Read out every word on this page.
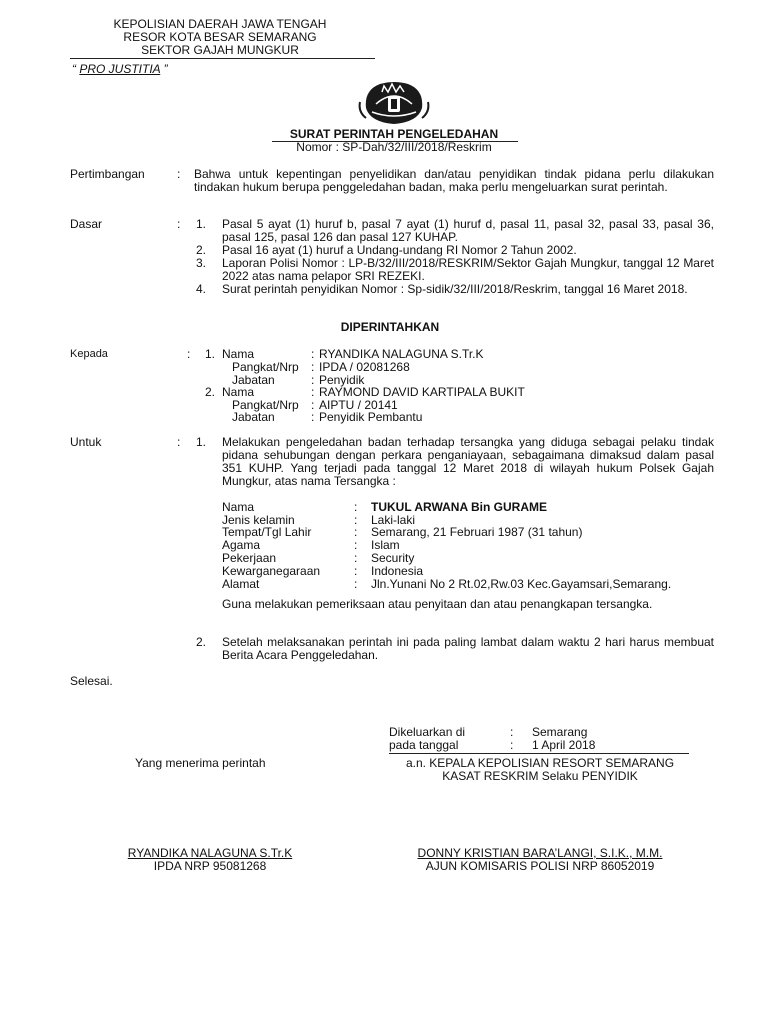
KEPOLISIAN DAERAH JAWA TENGAH
RESOR KOTA BESAR SEMARANG
SEKTOR GAJAH MUNGKUR
“ PRO JUSTITIA ”
SURAT PERINTAH PENGELEDAHAN
Nomor : SP-Dah/32/III/2018/Reskrim
Pertimbangan	: Bahwa untuk kepentingan penyelidikan dan/atau penyidikan tindak pidana perlu dilakukan tindakan hukum berupa penggeledahan badan, maka perlu mengeluarkan surat perintah.
Dasar	: 1. Pasal 5 ayat (1) huruf b, pasal 7 ayat (1) huruf d, pasal 11, pasal 32, pasal 33, pasal 36, pasal 125, pasal 126 dan pasal 127 KUHAP.
2. Pasal 16 ayat (1) huruf a Undang-undang RI Nomor 2 Tahun 2002.
3. Laporan Polisi Nomor : LP-B/32/III/2018/RESKRIM/Sektor Gajah Mungkur, tanggal 12 Maret 2022 atas nama pelapor SRI REZEKI.
4. Surat perintah penyidikan Nomor : Sp-sidik/32/III/2018/Reskrim, tanggal 16 Maret 2018.
DIPERINTAHKAN
Kepada	: 1. Nama	: RYANDIKA NALAGUNA S.Tr.K
Pangkat/Nrp : IPDA / 02081268
Jabatan	: Penyidik
2. Nama	: RAYMOND DAVID KARTIPALA BUKIT
Pangkat/Nrp : AIPTU / 20141
Jabatan	: Penyidik Pembantu
Untuk	: 1. Melakukan pengeledahan badan terhadap tersangka yang diduga sebagai pelaku tindak pidana sehubungan dengan perkara penganiayaan, sebagaimana dimaksud dalam pasal 351 KUHP. Yang terjadi pada tanggal 12 Maret 2018 di wilayah hukum Polsek Gajah Mungkur, atas nama Tersangka :
Nama	: TUKUL ARWANA Bin GURAME
Jenis kelamin	: Laki-laki
Tempat/Tgl Lahir	: Semarang, 21 Februari 1987 (31 tahun)
Agama	: Islam
Pekerjaan	: Security
Kewarganegaraan	: Indonesia
Alamat	: Jln.Yunani No 2 Rt.02,Rw.03 Kec.Gayamsari,Semarang.
Guna melakukan pemeriksaan atau penyitaan dan atau penangkapan tersangka.
2. Setelah melaksanakan perintah ini pada paling lambat dalam waktu 2 hari harus membuat Berita Acara Penggeledahan.
Selesai.
Dikeluarkan di	: Semarang
pada tanggal	: 1 April 2018
Yang menerima perintah	a.n. KEPALA KEPOLISIAN RESORT SEMARANG
KASAT RESKRIM Selaku PENYIDIK
RYANDIKA NALAGUNA S.Tr.K
IPDA NRP 95081268
DONNY KRISTIAN BARA’LANGI, S.I.K., M.M.
AJUN KOMISARIS POLISI NRP 86052019
